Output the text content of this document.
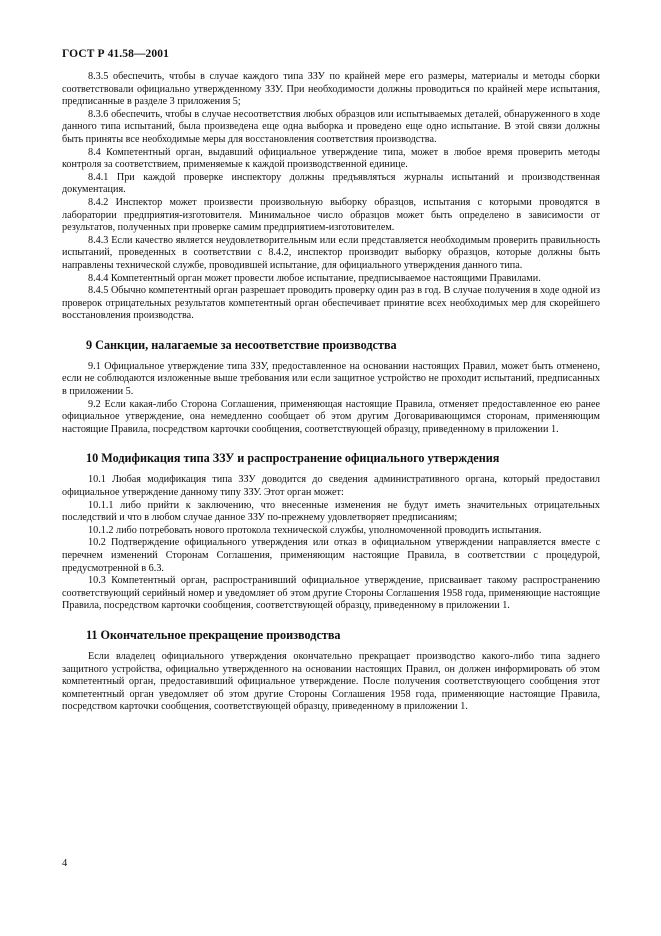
ГОСТ Р 41.58—2001

8.3.5 обеспечить, чтобы в случае каждого типа ЗЗУ по крайней мере его размеры, материалы и методы сборки соответствовали официально утвержденному ЗЗУ. При необходимости должны проводиться по крайней мере испытания, предписанные в разделе 3 приложения 5;

8.3.6 обеспечить, чтобы в случае несоответствия любых образцов или испытываемых деталей, обнаруженного в ходе данного типа испытаний, была произведена еще одна выборка и проведено еще одно испытание. В этой связи должны быть приняты все необходимые меры для восстановления соответствия производства.

8.4 Компетентный орган, выдавший официальное утверждение типа, может в любое время проверить методы контроля за соответствием, применяемые к каждой производственной единице.

8.4.1 При каждой проверке инспектору должны предъявляться журналы испытаний и производственная документация.

8.4.2 Инспектор может произвести произвольную выборку образцов, испытания с которыми проводятся в лаборатории предприятия-изготовителя. Минимальное число образцов может быть определено в зависимости от результатов, полученных при проверке самим предприятием-изготовителем.

8.4.3 Если качество является неудовлетворительным или если представляется необходимым проверить правильность испытаний, проведенных в соответствии с 8.4.2, инспектор производит выборку образцов, которые должны быть направлены технической службе, проводившей испытание, для официального утверждения данного типа.

8.4.4 Компетентный орган может провести любое испытание, предписываемое настоящими Правилами.

8.4.5 Обычно компетентный орган разрешает проводить проверку один раз в год. В случае получения в ходе одной из проверок отрицательных результатов компетентный орган обеспечивает принятие всех необходимых мер для скорейшего восстановления производства.

9 Санкции, налагаемые за несоответствие производства

9.1 Официальное утверждение типа ЗЗУ, предоставленное на основании настоящих Правил, может быть отменено, если не соблюдаются изложенные выше требования или если защитное устройство не проходит испытаний, предписанных в приложении 5.

9.2 Если какая-либо Сторона Соглашения, применяющая настоящие Правила, отменяет предоставленное ею ранее официальное утверждение, она немедленно сообщает об этом другим Договаривающимся сторонам, применяющим настоящие Правила, посредством карточки сообщения, соответствующей образцу, приведенному в приложении 1.

10 Модификация типа ЗЗУ и распространение официального утверждения

10.1 Любая модификация типа ЗЗУ доводится до сведения административного органа, который предоставил официальное утверждение данному типу ЗЗУ. Этот орган может:

10.1.1 либо прийти к заключению, что внесенные изменения не будут иметь значительных отрицательных последствий и что в любом случае данное ЗЗУ по-прежнему удовлетворяет предписаниям;

10.1.2 либо потребовать нового протокола технической службы, уполномоченной проводить испытания.

10.2 Подтверждение официального утверждения или отказ в официальном утверждении направляется вместе с перечнем изменений Сторонам Соглашения, применяющим настоящие Правила, в соответствии с процедурой, предусмотренной в 6.3.

10.3 Компетентный орган, распространивший официальное утверждение, присваивает такому распространению соответствующий серийный номер и уведомляет об этом другие Стороны Соглашения 1958 года, применяющие настоящие Правила, посредством карточки сообщения, соответствующей образцу, приведенному в приложении 1.

11 Окончательное прекращение производства

Если владелец официального утверждения окончательно прекращает производство какого-либо типа заднего защитного устройства, официально утвержденного на основании настоящих Правил, он должен информировать об этом компетентный орган, предоставивший официальное утверждение. После получения соответствующего сообщения этот компетентный орган уведомляет об этом другие Стороны Соглашения 1958 года, применяющие настоящие Правила, посредством карточки сообщения, соответствующей образцу, приведенному в приложении 1.

4
